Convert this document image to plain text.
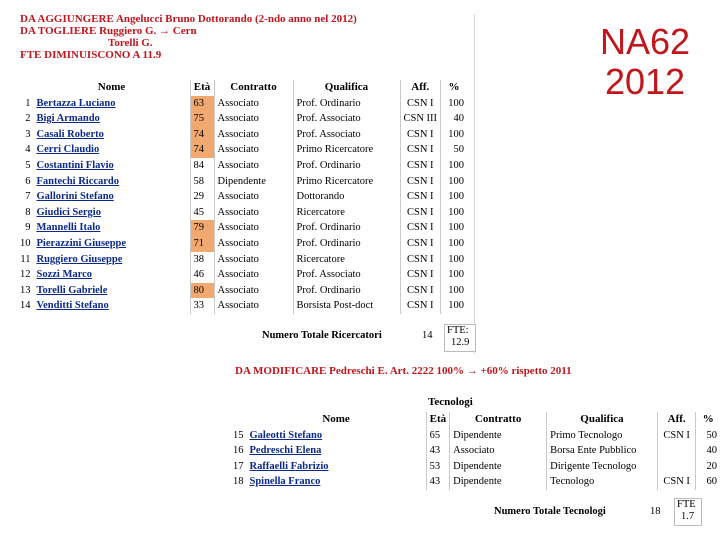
DA AGGIUNGERE Angelucci Bruno Dottorando (2-ndo anno nel 2012)
DA TOGLIERE Ruggiero G. → Cern
Torelli G.
FTE DIMINUISCONO A 11.9	NA62
2012
	Nome	Età	Contratto	Qualifica	Aff.	%
1	Bertazza Luciano	63	Associato	Prof. Ordinario	CSN I	100
2	Bigi Armando	75	Associato	Prof. Associato	CSN III	40
3	Casali Roberto	74	Associato	Prof. Associato	CSN I	100
4	Cerri Claudio	74	Associato	Primo Ricercatore	CSN I	50
5	Costantini Flavio	84	Associato	Prof. Ordinario	CSN I	100
6	Fantechi Riccardo	58	Dipendente	Primo Ricercatore	CSN I	100
7	Gallorini Stefano	29	Associato	Dottorando	CSN I	100
8	Giudici Sergio	45	Associato	Ricercatore	CSN I	100
9	Mannelli Italo	79	Associato	Prof. Ordinario	CSN I	100
10	Pierazzini Giuseppe	71	Associato	Prof. Ordinario	CSN I	100
11	Ruggiero Giuseppe	38	Associato	Ricercatore	CSN I	100
12	Sozzi Marco	46	Associato	Prof. Associato	CSN I	100
13	Torelli Gabriele	80	Associato	Prof. Ordinario	CSN I	100
14	Venditti Stefano	33	Associato	Borsista Post-doct	CSN I	100
Numero Totale Ricercatori	14 FTE:
12.9
DA MODIFICARE Pedreschi E. Art. 2222 100% → +60% rispetto 2011
Tecnologi
	Nome	Età	Contratto	Qualifica	Aff.	%
15	Galeotti Stefano	65	Dipendente	Primo Tecnologo	CSN I	50
16	Pedreschi Elena	43	Associato	Borsa Ente Pubblico		40
17	Raffaelli Fabrizio	53	Dipendente	Dirigente Tecnologo		20
18	Spinella Franco	43	Dipendente	Tecnologo	CSN I	60
Numero Totale Tecnologi	18
FTE
1.7
